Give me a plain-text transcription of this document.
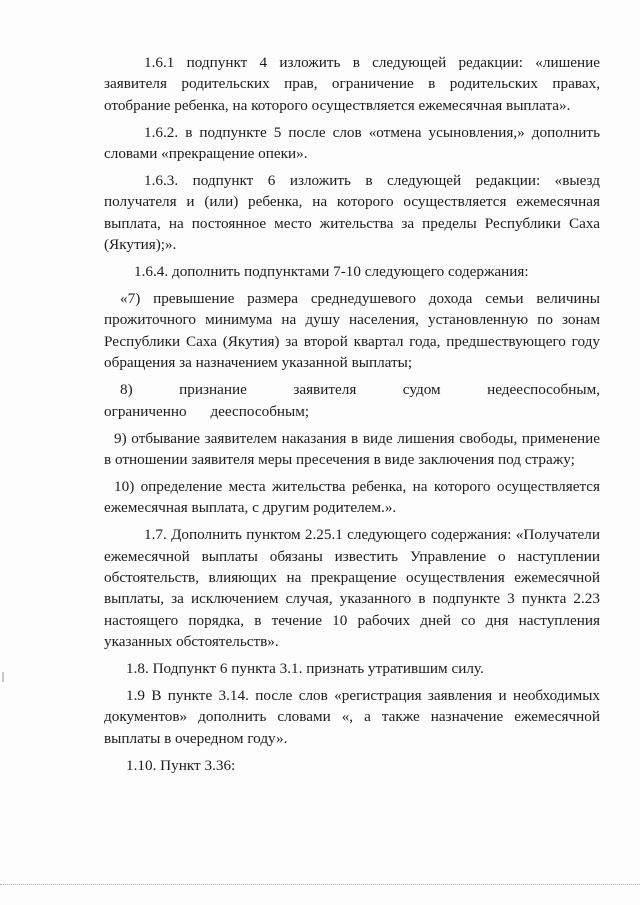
1.6.1 подпункт 4 изложить в следующей редакции: «лишение заявителя родительских прав, ограничение в родительских правах, отобрание ребенка, на которого осуществляется ежемесячная выплата».

1.6.2. в подпункте 5 после слов «отмена усыновления,» дополнить словами «прекращение опеки».

1.6.3. подпункт 6 изложить в следующей редакции: «выезд получателя и (или) ребенка, на которого осуществляется ежемесячная выплата, на постоянное место жительства за пределы Республики Саха (Якутия);».

1.6.4. дополнить подпунктами 7-10 следующего содержания:

«7) превышение размера среднедушевого дохода семьи величины прожиточного минимума на душу населения, установленную по зонам Республики Саха (Якутия) за второй квартал года, предшествующего году обращения за назначением указанной выплаты;

8) признание заявителя судом недееспособным, ограниченно дееспособным;

9) отбывание заявителем наказания в виде лишения свободы, применение в отношении заявителя меры пресечения в виде заключения под стражу;

10) определение места жительства ребенка, на которого осуществляется ежемесячная выплата, с другим родителем.».

1.7. Дополнить пунктом 2.25.1 следующего содержания: «Получатели ежемесячной выплаты обязаны известить Управление о наступлении обстоятельств, влияющих на прекращение осуществления ежемесячной выплаты, за исключением случая, указанного в подпункте 3 пункта 2.23 настоящего порядка, в течение 10 рабочих дней со дня наступления указанных обстоятельств».

1.8. Подпункт 6 пункта 3.1. признать утратившим силу.

1.9 В пункте 3.14. после слов «регистрация заявления и необходимых документов» дополнить словами «, а также назначение ежемесячной выплаты в очередном году».

1.10. Пункт 3.36:
